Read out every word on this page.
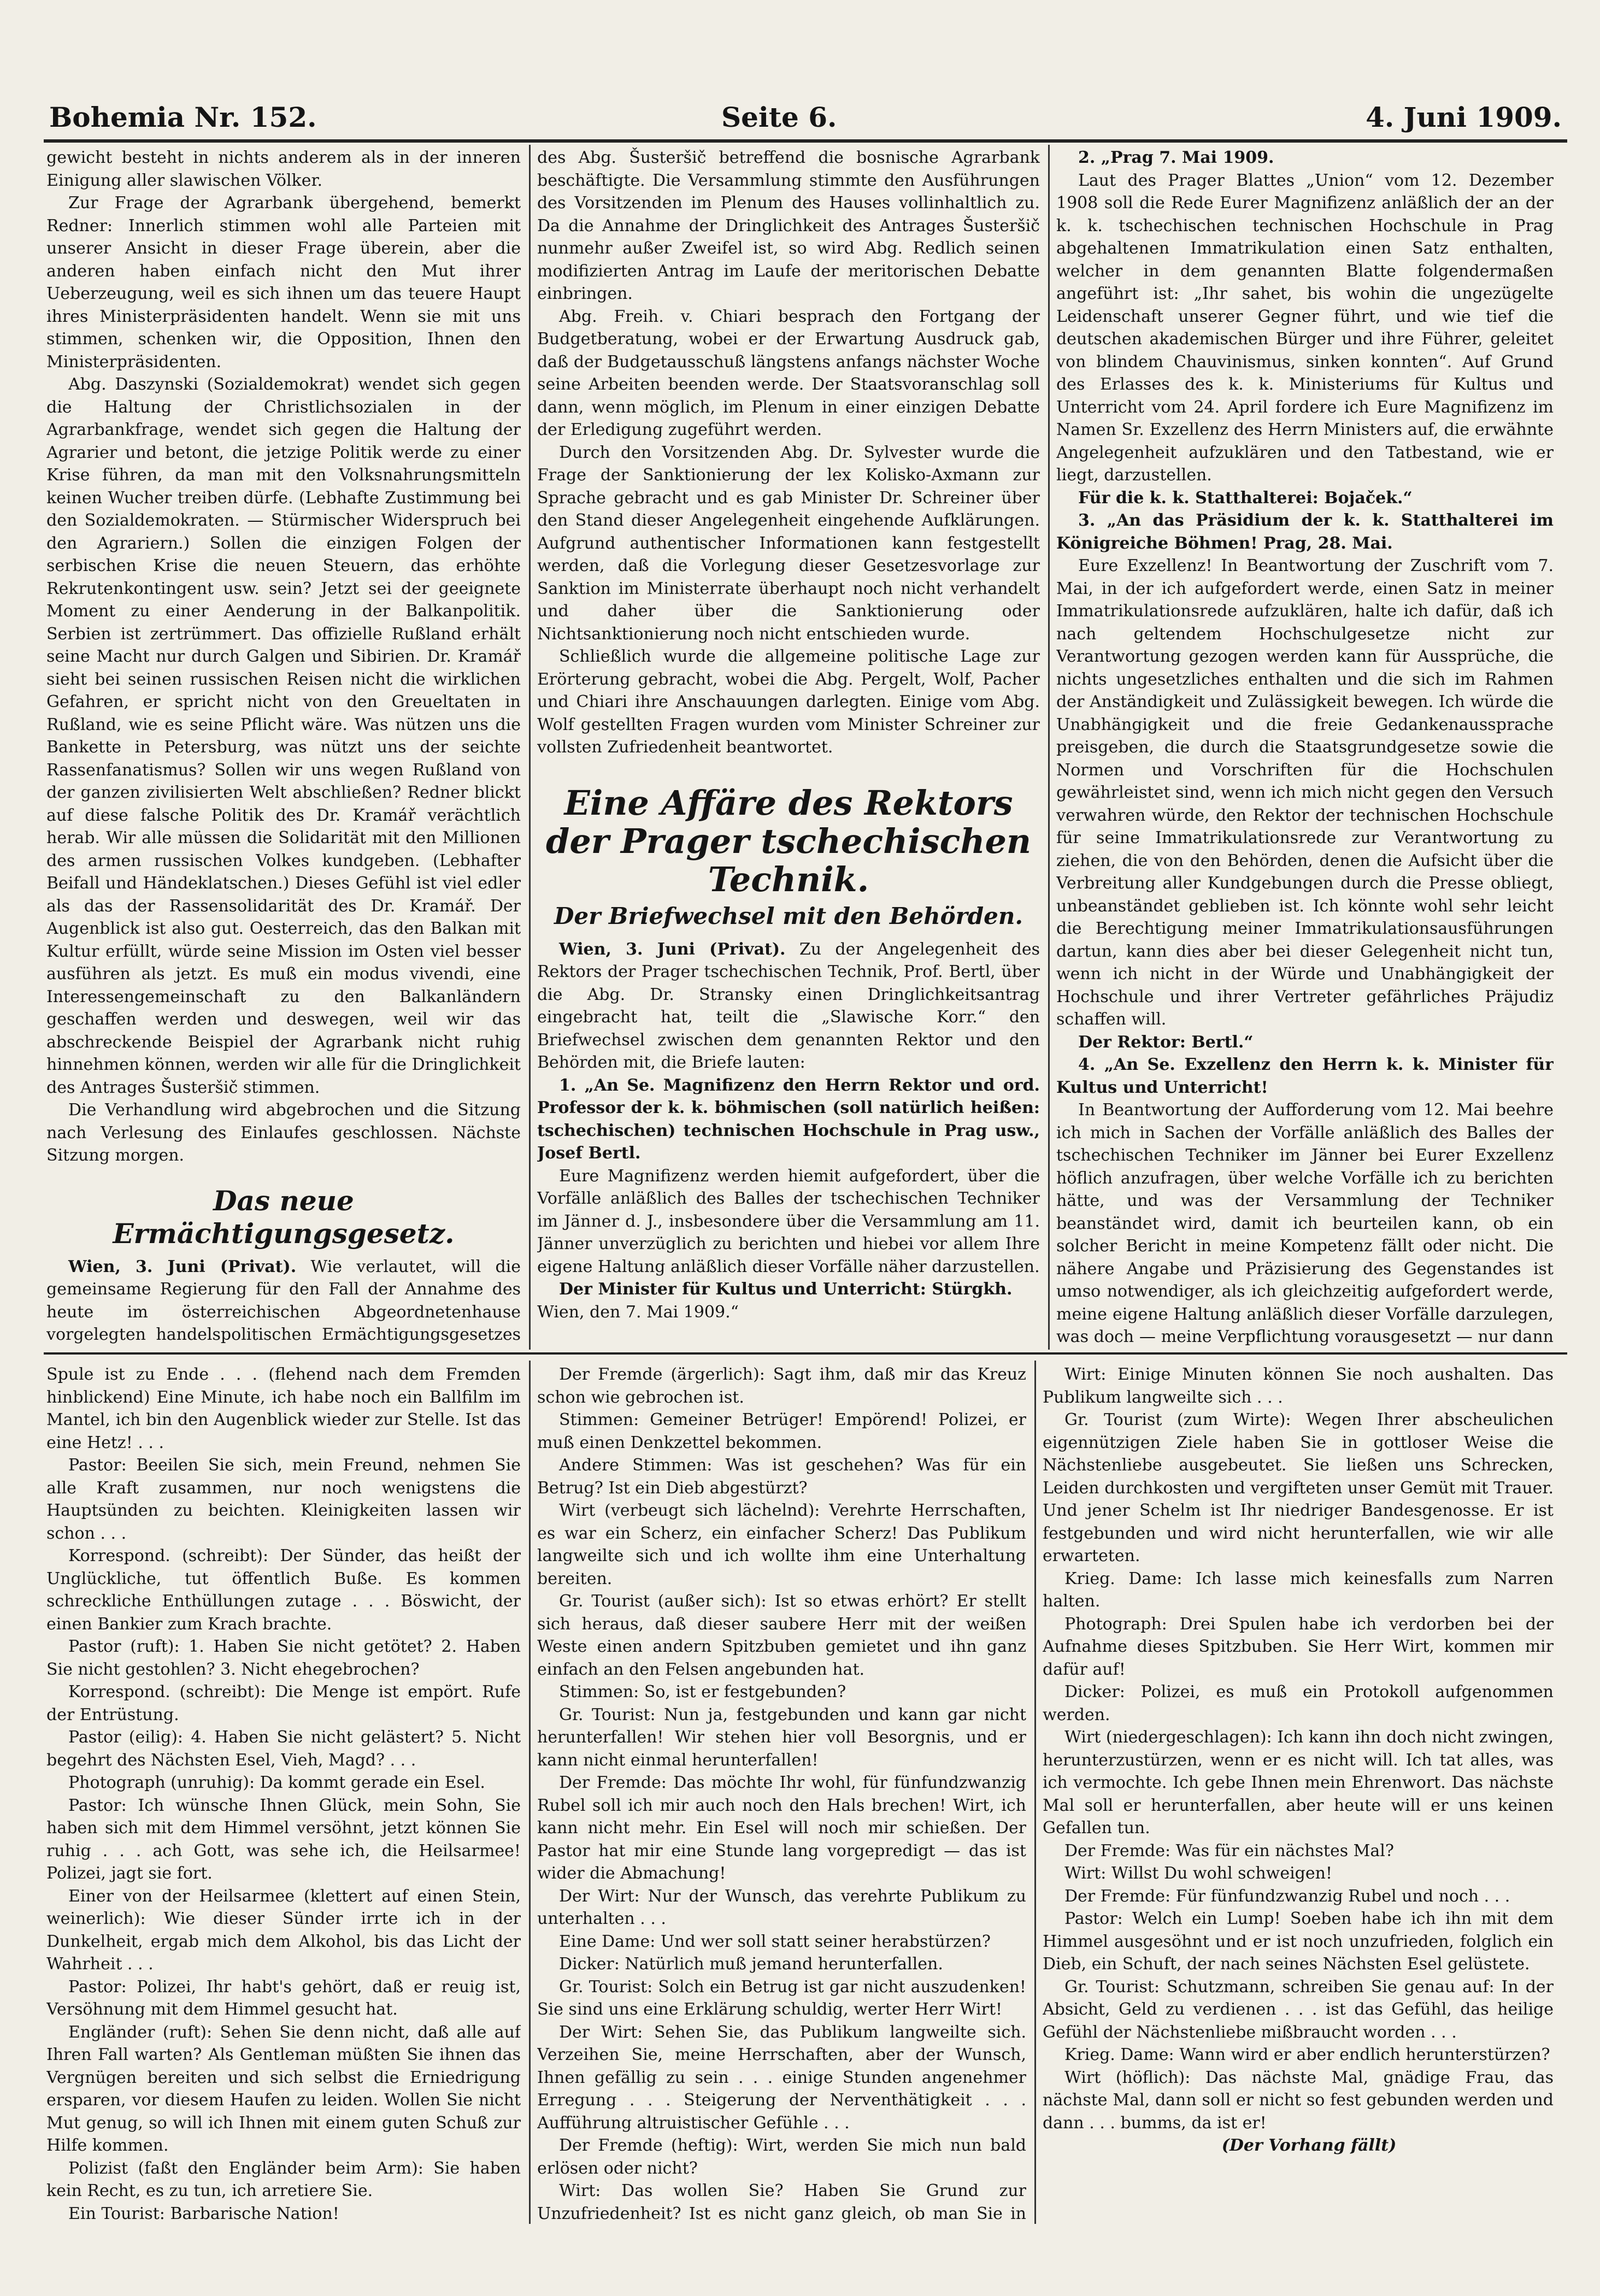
Bohemia Nr. 152.	Seite 6.	4. Juni 1909.

gewicht besteht in nichts anderem als in der inneren Einigung aller slawischen Völker.

Zur Frage der Agrarbank übergehend, bemerkt Redner: Innerlich stimmen wohl alle Parteien mit unserer Ansicht in dieser Frage überein, aber die anderen haben einfach nicht den Mut ihrer Ueberzeugung, weil es sich ihnen um das teuere Haupt ihres Ministerpräsidenten handelt. Wenn sie mit uns stimmen, schenken wir, die Opposition, Ihnen den Ministerpräsidenten.

Abg. Daszynski (Sozialdemokrat) wendet sich gegen die Haltung der Christlichsozialen in der Agrarbankfrage, wendet sich gegen die Haltung der Agrarier und betont, die jetzige Politik werde zu einer Krise führen, da man mit den Volksnahrungsmitteln keinen Wucher treiben dürfe. (Lebhafte Zustimmung bei den Sozialdemokraten. — Stürmischer Widerspruch bei den Agrariern.) Sollen die einzigen Folgen der serbischen Krise die neuen Steuern, das erhöhte Rekrutenkontingent usw. sein? Jetzt sei der geeignete Moment zu einer Aenderung in der Balkanpolitik. Serbien ist zertrümmert. Das offizielle Rußland erhält seine Macht nur durch Galgen und Sibirien. Dr. Kramář sieht bei seinen russischen Reisen nicht die wirklichen Gefahren, er spricht nicht von den Greueltaten in Rußland, wie es seine Pflicht wäre. Was nützen uns die Bankette in Petersburg, was nützt uns der seichte Rassenfanatismus? Sollen wir uns wegen Rußland von der ganzen zivilisierten Welt abschließen? Redner blickt auf diese falsche Politik des Dr. Kramář verächtlich herab. Wir alle müssen die Solidarität mit den Millionen des armen russischen Volkes kundgeben. (Lebhafter Beifall und Händeklatschen.) Dieses Gefühl ist viel edler als das der Rassensolidarität des Dr. Kramář. Der Augenblick ist also gut. Oesterreich, das den Balkan mit Kultur erfüllt, würde seine Mission im Osten viel besser ausführen als jetzt. Es muß ein modus vivendi, eine Interessengemeinschaft zu den Balkanländern geschaffen werden und deswegen, weil wir das abschreckende Beispiel der Agrarbank nicht ruhig hinnehmen können, werden wir alle für die Dringlichkeit des Antrages Šusteršič stimmen.

Die Verhandlung wird abgebrochen und die Sitzung nach Verlesung des Einlaufes geschlossen. Nächste Sitzung morgen.

Das neue Ermächtigungsgesetz.

Wien, 3. Juni (Privat). Wie verlautet, will die gemeinsame Regierung für den Fall der Annahme des heute im österreichischen Abgeordnetenhause vorgelegten handelspolitischen Ermächtigungsgesetzes

des Abg. Šusteršič betreffend die bosnische Agrarbank beschäftigte. Die Versammlung stimmte den Ausführungen des Vorsitzenden im Plenum des Hauses vollinhaltlich zu. Da die Annahme der Dringlichkeit des Antrages Šusteršič nunmehr außer Zweifel ist, so wird Abg. Redlich seinen modifizierten Antrag im Laufe der meritorischen Debatte einbringen.

Abg. Freih. v. Chiari besprach den Fortgang der Budgetberatung, wobei er der Erwartung Ausdruck gab, daß der Budgetausschuß längstens anfangs nächster Woche seine Arbeiten beenden werde. Der Staatsvoranschlag soll dann, wenn möglich, im Plenum in einer einzigen Debatte der Erledigung zugeführt werden.

Durch den Vorsitzenden Abg. Dr. Sylvester wurde die Frage der Sanktionierung der lex Kolisko-Axmann zur Sprache gebracht und es gab Minister Dr. Schreiner über den Stand dieser Angelegenheit eingehende Aufklärungen. Aufgrund authentischer Informationen kann festgestellt werden, daß die Vorlegung dieser Gesetzesvorlage zur Sanktion im Ministerrate überhaupt noch nicht verhandelt und daher über die Sanktionierung oder Nichtsanktionierung noch nicht entschieden wurde.

Schließlich wurde die allgemeine politische Lage zur Erörterung gebracht, wobei die Abg. Pergelt, Wolf, Pacher und Chiari ihre Anschauungen darlegten. Einige vom Abg. Wolf gestellten Fragen wurden vom Minister Schreiner zur vollsten Zufriedenheit beantwortet.

Eine Affäre des Rektors der Prager tschechischen Technik.
Der Briefwechsel mit den Behörden.

Wien, 3. Juni (Privat). Zu der Angelegenheit des Rektors der Prager tschechischen Technik, Prof. Bertl, über die Abg. Dr. Stransky einen Dringlichkeitsantrag eingebracht hat, teilt die „Slawische Korr.“ den Briefwechsel zwischen dem genannten Rektor und den Behörden mit, die Briefe lauten:

1. „An Se. Magnifizenz den Herrn Rektor und ord. Professor der k. k. böhmischen (soll natürlich heißen: tschechischen) technischen Hochschule in Prag usw., Josef Bertl.

Eure Magnifizenz werden hiemit aufgefordert, über die Vorfälle anläßlich des Balles der tschechischen Techniker im Jänner d. J., insbesondere über die Versammlung am 11. Jänner unverzüglich zu berichten und hiebei vor allem Ihre eigene Haltung anläßlich dieser Vorfälle näher darzustellen.

Der Minister für Kultus und Unterricht: Stürgkh.

Wien, den 7. Mai 1909.“

2. „Prag 7. Mai 1909.

Laut des Prager Blattes „Union“ vom 12. Dezember 1908 soll die Rede Eurer Magnifizenz anläßlich der an der k. k. tschechischen technischen Hochschule in Prag abgehaltenen Immatrikulation einen Satz enthalten, welcher in dem genannten Blatte folgendermaßen angeführt ist: „Ihr sahet, bis wohin die ungezügelte Leidenschaft unserer Gegner führt, und wie tief die deutschen akademischen Bürger und ihre Führer, geleitet von blindem Chauvinismus, sinken konnten“. Auf Grund des Erlasses des k. k. Ministeriums für Kultus und Unterricht vom 24. April fordere ich Eure Magnifizenz im Namen Sr. Exzellenz des Herrn Ministers auf, die erwähnte Angelegenheit aufzuklären und den Tatbestand, wie er liegt, darzustellen.

Für die k. k. Statthalterei: Bojaček.“

3. „An das Präsidium der k. k. Statthalterei im Königreiche Böhmen! Prag, 28. Mai.

Eure Exzellenz! In Beantwortung der Zuschrift vom 7. Mai, in der ich aufgefordert werde, einen Satz in meiner Immatrikulationsrede aufzuklären, halte ich dafür, daß ich nach geltendem Hochschulgesetze nicht zur Verantwortung gezogen werden kann für Aussprüche, die nichts ungesetzliches enthalten und die sich im Rahmen der Anständigkeit und Zulässigkeit bewegen. Ich würde die Unabhängigkeit und die freie Gedankenaussprache preisgeben, die durch die Staatsgrundgesetze sowie die Normen und Vorschriften für die Hochschulen gewährleistet sind, wenn ich mich nicht gegen den Versuch verwahren würde, den Rektor der technischen Hochschule für seine Immatrikulationsrede zur Verantwortung zu ziehen, die von den Behörden, denen die Aufsicht über die Verbreitung aller Kundgebungen durch die Presse obliegt, unbeanständet geblieben ist. Ich könnte wohl sehr leicht die Berechtigung meiner Immatrikulationsausführungen dartun, kann dies aber bei dieser Gelegenheit nicht tun, wenn ich nicht in der Würde und Unabhängigkeit der Hochschule und ihrer Vertreter gefährliches Präjudiz schaffen will.

Der Rektor: Bertl.“

4. „An Se. Exzellenz den Herrn k. k. Minister für Kultus und Unterricht!

In Beantwortung der Aufforderung vom 12. Mai beehre ich mich in Sachen der Vorfälle anläßlich des Balles der tschechischen Techniker im Jänner bei Eurer Exzellenz höflich anzufragen, über welche Vorfälle ich zu berichten hätte, und was der Versammlung der Techniker beanständet wird, damit ich beurteilen kann, ob ein solcher Bericht in meine Kompetenz fällt oder nicht. Die nähere Angabe und Präzisierung des Gegenstandes ist umso notwendiger, als ich gleichzeitig aufgefordert werde, meine eigene Haltung anläßlich dieser Vorfälle darzulegen, was doch — meine Verpflichtung vorausgesetzt — nur dann

Spule ist zu Ende . . . (flehend nach dem Fremden hinblickend) Eine Minute, ich habe noch ein Ballfilm im Mantel, ich bin den Augenblick wieder zur Stelle. Ist das eine Hetz! . . .

Pastor: Beeilen Sie sich, mein Freund, nehmen Sie alle Kraft zusammen, nur noch wenigstens die Hauptsünden zu beichten. Kleinigkeiten lassen wir schon . . .

Korrespond. (schreibt): Der Sünder, das heißt der Unglückliche, tut öffentlich Buße. Es kommen schreckliche Enthüllungen zutage . . . Böswicht, der einen Bankier zum Krach brachte.

Pastor (ruft): 1. Haben Sie nicht getötet? 2. Haben Sie nicht gestohlen? 3. Nicht ehegebrochen?

Korrespond. (schreibt): Die Menge ist empört. Rufe der Entrüstung.

Pastor (eilig): 4. Haben Sie nicht gelästert? 5. Nicht begehrt des Nächsten Esel, Vieh, Magd? . . .

Photograph (unruhig): Da kommt gerade ein Esel.

Pastor: Ich wünsche Ihnen Glück, mein Sohn, Sie haben sich mit dem Himmel versöhnt, jetzt können Sie ruhig . . . ach Gott, was sehe ich, die Heilsarmee! Polizei, jagt sie fort.

Einer von der Heilsarmee (klettert auf einen Stein, weinerlich): Wie dieser Sünder irrte ich in der Dunkelheit, ergab mich dem Alkohol, bis das Licht der Wahrheit . . .

Pastor: Polizei, Ihr habt's gehört, daß er reuig ist, Versöhnung mit dem Himmel gesucht hat.

Engländer (ruft): Sehen Sie denn nicht, daß alle auf Ihren Fall warten? Als Gentleman müßten Sie ihnen das Vergnügen bereiten und sich selbst die Erniedrigung ersparen, vor diesem Haufen zu leiden. Wollen Sie nicht Mut genug, so will ich Ihnen mit einem guten Schuß zur Hilfe kommen.

Polizist (faßt den Engländer beim Arm): Sie haben kein Recht, es zu tun, ich arretiere Sie.

Ein Tourist: Barbarische Nation!

Der Fremde (ärgerlich): Sagt ihm, daß mir das Kreuz schon wie gebrochen ist.

Stimmen: Gemeiner Betrüger! Empörend! Polizei, er muß einen Denkzettel bekommen.

Andere Stimmen: Was ist geschehen? Was für ein Betrug? Ist ein Dieb abgestürzt?

Wirt (verbeugt sich lächelnd): Verehrte Herrschaften, es war ein Scherz, ein einfacher Scherz! Das Publikum langweilte sich und ich wollte ihm eine Unterhaltung bereiten.

Gr. Tourist (außer sich): Ist so etwas erhört? Er stellt sich heraus, daß dieser saubere Herr mit der weißen Weste einen andern Spitzbuben gemietet und ihn ganz einfach an den Felsen angebunden hat.

Stimmen: So, ist er festgebunden?

Gr. Tourist: Nun ja, festgebunden und kann gar nicht herunterfallen! Wir stehen hier voll Besorgnis, und er kann nicht einmal herunterfallen!

Der Fremde: Das möchte Ihr wohl, für fünfundzwanzig Rubel soll ich mir auch noch den Hals brechen! Wirt, ich kann nicht mehr. Ein Esel will noch mir schießen. Der Pastor hat mir eine Stunde lang vorgepredigt — das ist wider die Abmachung!

Der Wirt: Nur der Wunsch, das verehrte Publikum zu unterhalten . . .

Eine Dame: Und wer soll statt seiner herabstürzen?

Dicker: Natürlich muß jemand herunterfallen.

Gr. Tourist: Solch ein Betrug ist gar nicht auszudenken! Sie sind uns eine Erklärung schuldig, werter Herr Wirt!

Der Wirt: Sehen Sie, das Publikum langweilte sich. Verzeihen Sie, meine Herrschaften, aber der Wunsch, Ihnen gefällig zu sein . . . einige Stunden angenehmer Erregung . . . Steigerung der Nerventhätigkeit . . . Aufführung altruistischer Gefühle . . .

Der Fremde (heftig): Wirt, werden Sie mich nun bald erlösen oder nicht?

Wirt: Das wollen Sie? Haben Sie Grund zur Unzufriedenheit? Ist es nicht ganz gleich, ob man Sie in

Wirt: Einige Minuten können Sie noch aushalten. Das Publikum langweilte sich . . .

Gr. Tourist (zum Wirte): Wegen Ihrer abscheulichen eigennützigen Ziele haben Sie in gottloser Weise die Nächstenliebe ausgebeutet. Sie ließen uns Schrecken, Leiden durchkosten und vergifteten unser Gemüt mit Trauer. Und jener Schelm ist Ihr niedriger Bandesgenosse. Er ist festgebunden und wird nicht herunterfallen, wie wir alle erwarteten.

Krieg. Dame: Ich lasse mich keinesfalls zum Narren halten.

Photograph: Drei Spulen habe ich verdorben bei der Aufnahme dieses Spitzbuben. Sie Herr Wirt, kommen mir dafür auf!

Dicker: Polizei, es muß ein Protokoll aufgenommen werden.

Wirt (niedergeschlagen): Ich kann ihn doch nicht zwingen, herunterzustürzen, wenn er es nicht will. Ich tat alles, was ich vermochte. Ich gebe Ihnen mein Ehrenwort. Das nächste Mal soll er herunterfallen, aber heute will er uns keinen Gefallen tun.

Der Fremde: Was für ein nächstes Mal?

Wirt: Willst Du wohl schweigen!

Der Fremde: Für fünfundzwanzig Rubel und noch . . .

Pastor: Welch ein Lump! Soeben habe ich ihn mit dem Himmel ausgesöhnt und er ist noch unzufrieden, folglich ein Dieb, ein Schuft, der nach seines Nächsten Esel gelüstete.

Gr. Tourist: Schutzmann, schreiben Sie genau auf: In der Absicht, Geld zu verdienen . . . ist das Gefühl, das heilige Gefühl der Nächstenliebe mißbraucht worden . . .

Krieg. Dame: Wann wird er aber endlich herunterstürzen?

Wirt (höflich): Das nächste Mal, gnädige Frau, das nächste Mal, dann soll er nicht so fest gebunden werden und dann . . . bumms, da ist er!

(Der Vorhang fällt)
